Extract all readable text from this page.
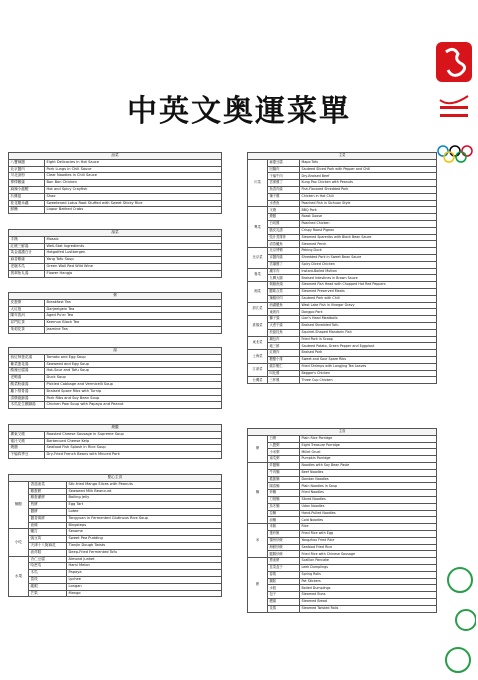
中英文奥運菜單
涼菜	
八寶辣醬	Eight Delicacies in Hot Sauce
北京醬肉	Pork Lungs in Chili Sauce
川北涼粉	Clear Noodles in Chili Sauce
棒棒雞絲	Bon Bon Chicken
麻辣小龍蝦	Hot and Spicy Crayfish
扒雞翅	Shao
桂花糯米藕	Sweetened Lotus Root Stuffed with Sweet Sticky Rice
鮮醃	Liqour Bathed Crabs
湯菜	
手撕	Mosaic
紅燒三鮮湯	Well-Stat Ingredients
黃金湯濃白汁	Hotgolfed Lustbergen
麻香雞絲	Yang Tofu Soup
老碗木瓜	Green Wall Red Wild Wine
翡翠魚丸湯	Flower Hangjo
粥	
皮蛋粥	Breakfast Tea
大紅袍	Darjeelgein Tea
陳年普洱	Aged Pu'er Tea
祁門紅茶	Keemun Black Tea
茉莉花茶	Jasmine Tea
湯	
西紅柿蛋花湯	Tomato and Egg Soup
紫菜蛋花湯	Seaweed and Egg Soup
酸辣豆腐湯	Hot-Sour and Tofu Soup
老鴨湯	Duck Soup
酸菜粉絲湯	Pickled Cabbage and Vermicelli Soup
蘿卜排骨湯	Braised Spare Ribs with Turnip
清燉豬蹄湯	Pork Ribs and Soy Bean Soup
木瓜花生雞腳湯	Chicken Paw Soup with Papaya and Peanut
燒臘	
廣東叉燒	Roasted Cheese Sausage in Supreme Soup
蜜汁叉燒	Barbecued Cheese Kelp
燒鵝	Seafood Fish Splash in Rice Soup
干煸四季豆	Dry-Fried French Beans with Minced Pork
點心主食		
麵點	香菇油菜	Stir-fried Mango Slices with Peanuts
	雞蛋餅	Seaweed Milk Beancurd
	雞蛋灌餅	Boiling Jelly
	煎餅	Egg Tart
	醬餅	Lotee
	醬香薄餅	Tongyuan in Fermented Glutinous Rice Soup
	油條	Bingsteps
小吃	驢打	Sesame
	豌豆黃	Sweet Pea Pudding
	天津十八街麻花	Tianjin Dough Twists
	油炸糕	Deep-Fried Fermented Tofu
水果	杏仁豆腐	Almond Junket
	哈密瓜	Hami Melon
	木瓜	Papaya
	荔枝	Lychee
	龍眼	Longan
	芒果	Mango
主菜		
川菜	麻婆豆腐	Mapo Tofu
	回鍋肉	Sauteed Sliced Pork with Pepper and Chili
	干煸牛肉	Dry-Braised Beef
	宮保雞丁	Kung Pao Chicken with Peanuts
	魚香肉絲	Fish-Flavored Shredded Pork
	辣子雞	Chicken in Hot Chili
	水煮魚	Poached Fish in Sichuan Style
粵菜	叉燒	BBQ Pork
	燒鵝	Roast Goose
	白切雞	Poached Chicken
	脆皮乳鴿	Crispy Roast Pigeon
	豉汁蒸排骨	Steamed Spareribs with Black Bean Sauce
	清蒸鱸魚	Steamed Perch
北京菜	北京烤鴨	Peking Duck
	京醬肉絲	Shredded Pork in Sweet Bean Sauce
	宮爆雞丁	Spicy Diced Chicken
魯菜	涮羊肉	Instant-Boiled Mutton
	九轉大腸	Braised Intestines in Brown Sauce
湘菜	剁椒魚頭	Steamed Fish Head with Chopped Hot Red Peppers
	臘味合蒸	Steamed Preserved Meats
	辣椒炒肉	Sauteed Pork with Chili
浙江菜	西湖醋魚	West Lake Fish in Vinegar Gravy
	東坡肉	Dongpo Pork
淮揚菜	獅子頭	Lion's Head Meatballs
	大煮干絲	Braised Shredded Tofu
	松鼠桂魚	Squirrel-Shaped Mandarin Fish
東北菜	鍋包肉	Fried Pork in Scoop
	地三鮮	Sauteed Potato, Green Pepper and Eggplant
上海菜	紅燒肉	Braised Pork
	糖醋小排	Sweet and Sour Spare Ribs
江浙菜	龍井蝦仁	Fried Shrimps with Longjing Tea Leaves
	叫化雞	Beggar's Chicken
台灣菜	三杯雞	Three Cup Chicken
主食		
粥	白粥	Plain Rice Porridge
	八寶粥	Eight Treasure Porridge
	小米粥	Millet Gruel
	南瓜粥	Pumpkin Porridge
麵	炸醬麵	Noodles with Soy Bean Paste
	牛肉麵	Beef Noodles
	擔擔麵	Dandan Noodles
	陽春麵	Plain Noodles in Soup
	炒麵	Fried Noodles
	刀削麵	Sliced Noodles
	烏冬麵	Udon Noodles
	拉麵	Hand-Pulled Noodles
	涼麵	Cold Noodles
米	米飯	Rice
	蛋炒飯	Fried Rice with Egg
	揚州炒飯	Yangzhou Fried Rice
	海鮮炒飯	Seafood Fried Rice
	臘腸炒飯	Fried Rice with Chinese Sausage
餅	蔥油餅	Scallion Pancake
	韭菜盒子	Leek Dumplings
	春捲	Spring Rolls
	鍋貼	Pot Stickers
	水餃	Boiled Dumplings
	包子	Steamed Buns
	饅頭	Steamed Bread
	花捲	Steamed Twisted Rolls
